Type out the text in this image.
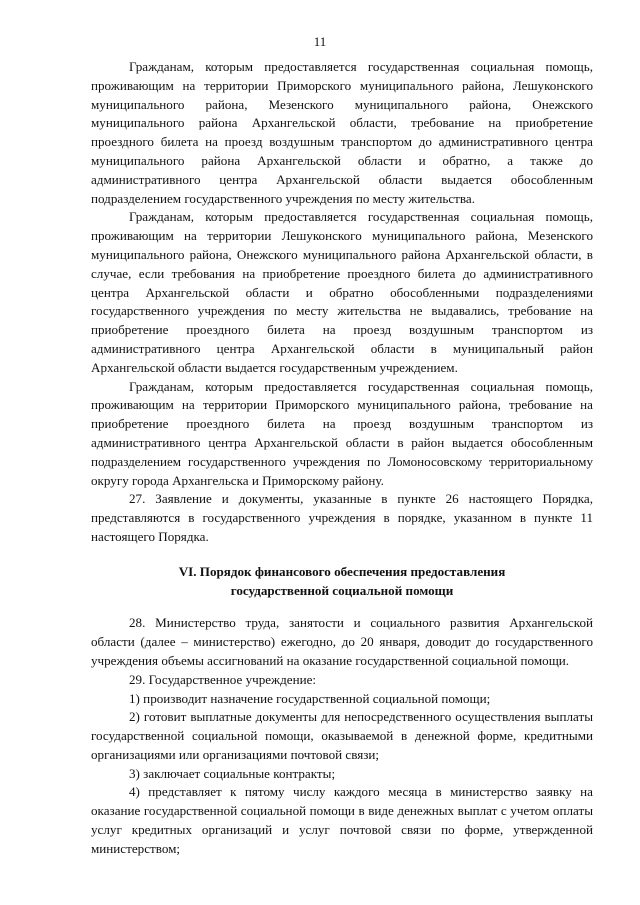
11

Гражданам, которым предоставляется государственная социальная помощь, проживающим на территории Приморского муниципального района, Лешуконского муниципального района, Мезенского муниципального района, Онежского муниципального района Архангельской области, требование на приобретение проездного билета на проезд воздушным транспортом до административного центра муниципального района Архангельской области и обратно, а также до административного центра Архангельской области выдается обособленным подразделением государственного учреждения по месту жительства.

Гражданам, которым предоставляется государственная социальная помощь, проживающим на территории Лешуконского муниципального района, Мезенского муниципального района, Онежского муниципального района Архангельской области, в случае, если требования на приобретение проездного билета до административного центра Архангельской области и обратно обособленными подразделениями государственного учреждения по месту жительства не выдавались, требование на приобретение проездного билета на проезд воздушным транспортом из административного центра Архангельской области в муниципальный район Архангельской области выдается государственным учреждением.

Гражданам, которым предоставляется государственная социальная помощь, проживающим на территории Приморского муниципального района, требование на приобретение проездного билета на проезд воздушным транспортом из административного центра Архангельской области в район выдается обособленным подразделением государственного учреждения по Ломоносовскому территориальному округу города Архангельска и Приморскому району.

27. Заявление и документы, указанные в пункте 26 настоящего Порядка, представляются в государственного учреждения в порядке, указанном в пункте 11 настоящего Порядка.

VI. Порядок финансового обеспечения предоставления
государственной социальной помощи

28. Министерство труда, занятости и социального развития Архангельской области (далее – министерство) ежегодно, до 20 января, доводит до государственного учреждения объемы ассигнований на оказание государственной социальной помощи.

29. Государственное учреждение:

1) производит назначение государственной социальной помощи;

2) готовит выплатные документы для непосредственного осуществления выплаты государственной социальной помощи, оказываемой в денежной форме, кредитными организациями или организациями почтовой связи;

3) заключает социальные контракты;

4) представляет к пятому числу каждого месяца в министерство заявку на оказание государственной социальной помощи в виде денежных выплат с учетом оплаты услуг кредитных организаций и услуг почтовой связи по форме, утвержденной министерством;
